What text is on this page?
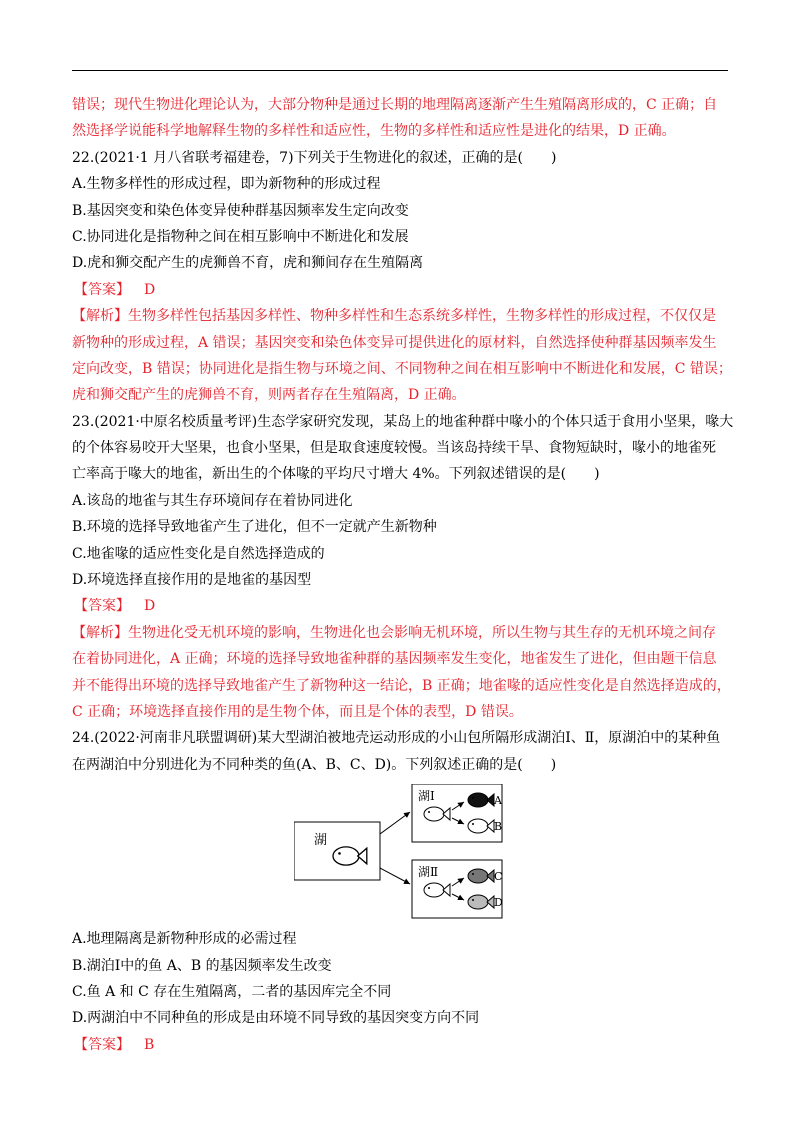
错误；现代生物进化理论认为，大部分物种是通过长期的地理隔离逐渐产生生殖隔离形成的，C 正确；自
然选择学说能科学地解释生物的多样性和适应性，生物的多样性和适应性是进化的结果，D 正确。
22.(2021·1 月八省联考福建卷，7)下列关于生物进化的叙述，正确的是(　　)
A.生物多样性的形成过程，即为新物种的形成过程
B.基因突变和染色体变异使种群基因频率发生定向改变
C.协同进化是指物种之间在相互影响中不断进化和发展
D.虎和狮交配产生的虎狮兽不育，虎和狮间存在生殖隔离
【答案】 D
【解析】生物多样性包括基因多样性、物种多样性和生态系统多样性，生物多样性的形成过程，不仅仅是
新物种的形成过程，A 错误；基因突变和染色体变异可提供进化的原材料，自然选择使种群基因频率发生
定向改变，B 错误；协同进化是指生物与环境之间、不同物种之间在相互影响中不断进化和发展，C 错误；
虎和狮交配产生的虎狮兽不育，则两者存在生殖隔离，D 正确。
23.(2021·中原名校质量考评)生态学家研究发现，某岛上的地雀种群中喙小的个体只适于食用小坚果，喙大
的个体容易咬开大坚果，也食小坚果，但是取食速度较慢。当该岛持续干旱、食物短缺时，喙小的地雀死
亡率高于喙大的地雀，新出生的个体喙的平均尺寸增大 4%。下列叙述错误的是(　　)
A.该岛的地雀与其生存环境间存在着协同进化
B.环境的选择导致地雀产生了进化，但不一定就产生新物种
C.地雀喙的适应性变化是自然选择造成的
D.环境选择直接作用的是地雀的基因型
【答案】 D
【解析】生物进化受无机环境的影响，生物进化也会影响无机环境，所以生物与其生存的无机环境之间存
在着协同进化，A 正确；环境的选择导致地雀种群的基因频率发生变化，地雀发生了进化，但由题干信息
并不能得出环境的选择导致地雀产生了新物种这一结论，B 正确；地雀喙的适应性变化是自然选择造成的，
C 正确；环境选择直接作用的是生物个体，而且是个体的表型，D 错误。
24.(2022·河南非凡联盟调研)某大型湖泊被地壳运动形成的小山包所隔形成湖泊Ⅰ、Ⅱ，原湖泊中的某种鱼
在两湖泊中分别进化为不同种类的鱼(A、B、C、D)。下列叙述正确的是(　　)
湖
湖Ⅰ	A
B
湖Ⅱ	C
D
A.地理隔离是新物种形成的必需过程
B.湖泊Ⅰ中的鱼 A、B 的基因频率发生改变
C.鱼 A 和 C 存在生殖隔离，二者的基因库完全不同
D.两湖泊中不同种鱼的形成是由环境不同导致的基因突变方向不同
【答案】 B
